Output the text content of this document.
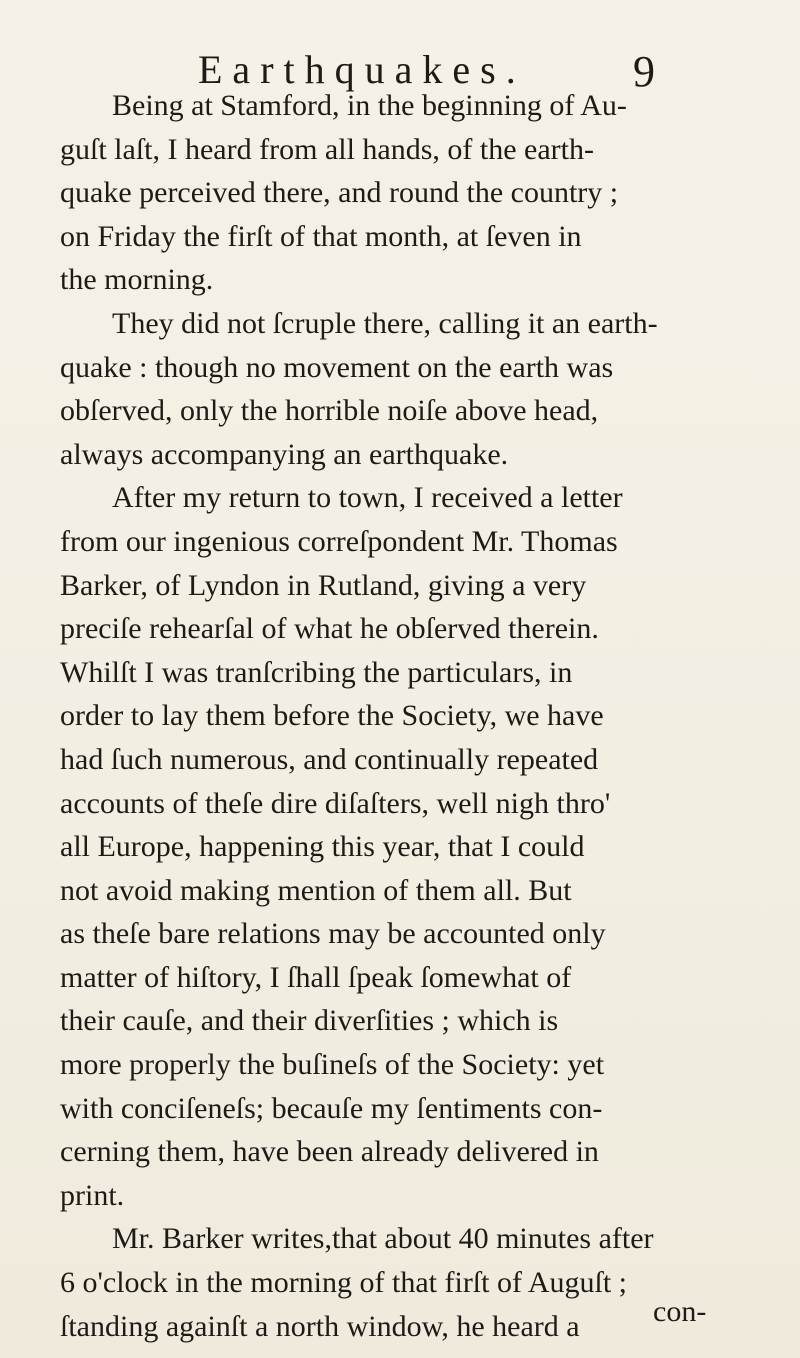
Earthquakes. 9
Being at Stamford, in the beginning of Au-
guſt laſt, I heard from all hands, of the earth-
quake perceived there, and round the country ;
on Friday the firſt of that month, at ſeven in
the morning.
They did not ſcruple there, calling it an earth-
quake : though no movement on the earth was
obſerved, only the horrible noiſe above head,
always accompanying an earthquake.
After my return to town, I received a letter
from our ingenious correſpondent Mr. Thomas
Barker, of Lyndon in Rutland, giving a very
preciſe rehearſal of what he obſerved therein.
Whilſt I was tranſcribing the particulars, in
order to lay them before the Society, we have
had ſuch numerous, and continually repeated
accounts of theſe dire diſaſters, well nigh thro'
all Europe, happening this year, that I could
not avoid making mention of them all. But
as theſe bare relations may be accounted only
matter of hiſtory, I ſhall ſpeak ſomewhat of
their cauſe, and their diverſities ; which is
more properly the buſineſs of the Society: yet
with conciſeneſs; becauſe my ſentiments con-
cerning them, have been already delivered in
print.
Mr. Barker writes,that about 40 minutes after
6 o'clock in the morning of that firſt of Auguſt ;
ſtanding againſt a north window, he heard a	con-
